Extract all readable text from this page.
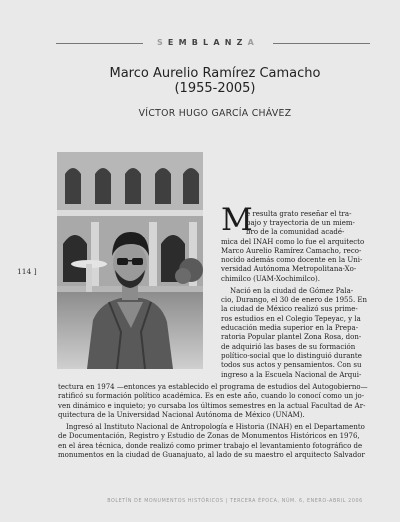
SEMBLANZA
Marco Aurelio Ramírez Camacho
(1955-2005)
VÍCTOR HUGO GARCÍA CHÁVEZ
114 ]
M

e resulta grato reseñar el tra-

bajo y trayectoria de un miem-

bro de la comunidad acadé-

mica del INAH como lo fue el arquitecto

Marco Aurelio Ramírez Camacho, reco-

nocido además como docente en la Uni-

versidad Autónoma Metropolitana-Xo-

chimilco (UAM-Xochimilco).

Nació en la ciudad de Gómez Pala-

cio, Durango, el 30 de enero de 1955. En

la ciudad de México realizó sus prime-

ros estudios en el Colegio Tepeyac, y la

educación media superior en la Prepa-

ratoria Popular plantel Zona Rosa, don-

de adquirió las bases de su formación

político-social que lo distinguió durante

todos sus actos y pensamientos. Con su

ingreso a la Escuela Nacional de Arqui-

tectura en 1974 —entonces ya establecido el programa de estudios del Autogobierno—

ratificó su formación político académica. Es en este año, cuando lo conocí como un jo-

ven dinámico e inquieto; yo cursaba los últimos semestres en la actual Facultad de Ar-

quitectura de la Universidad Nacional Autónoma de México (UNAM).

Ingresó al Instituto Nacional de Antropología e Historia (INAH) en el Departamento

de Documentación, Registro y Estudio de Zonas de Monumentos Históricos en 1976,

en el área técnica, donde realizó como primer trabajo el levantamiento fotográfico de

monumentos en la ciudad de Guanajuato, al lado de su maestro el arquitecto Salvador

BOLETÍN DE MONUMENTOS HISTÓRICOS | TERCERA ÉPOCA, NÚM. 6, ENERO-ABRIL 2006
